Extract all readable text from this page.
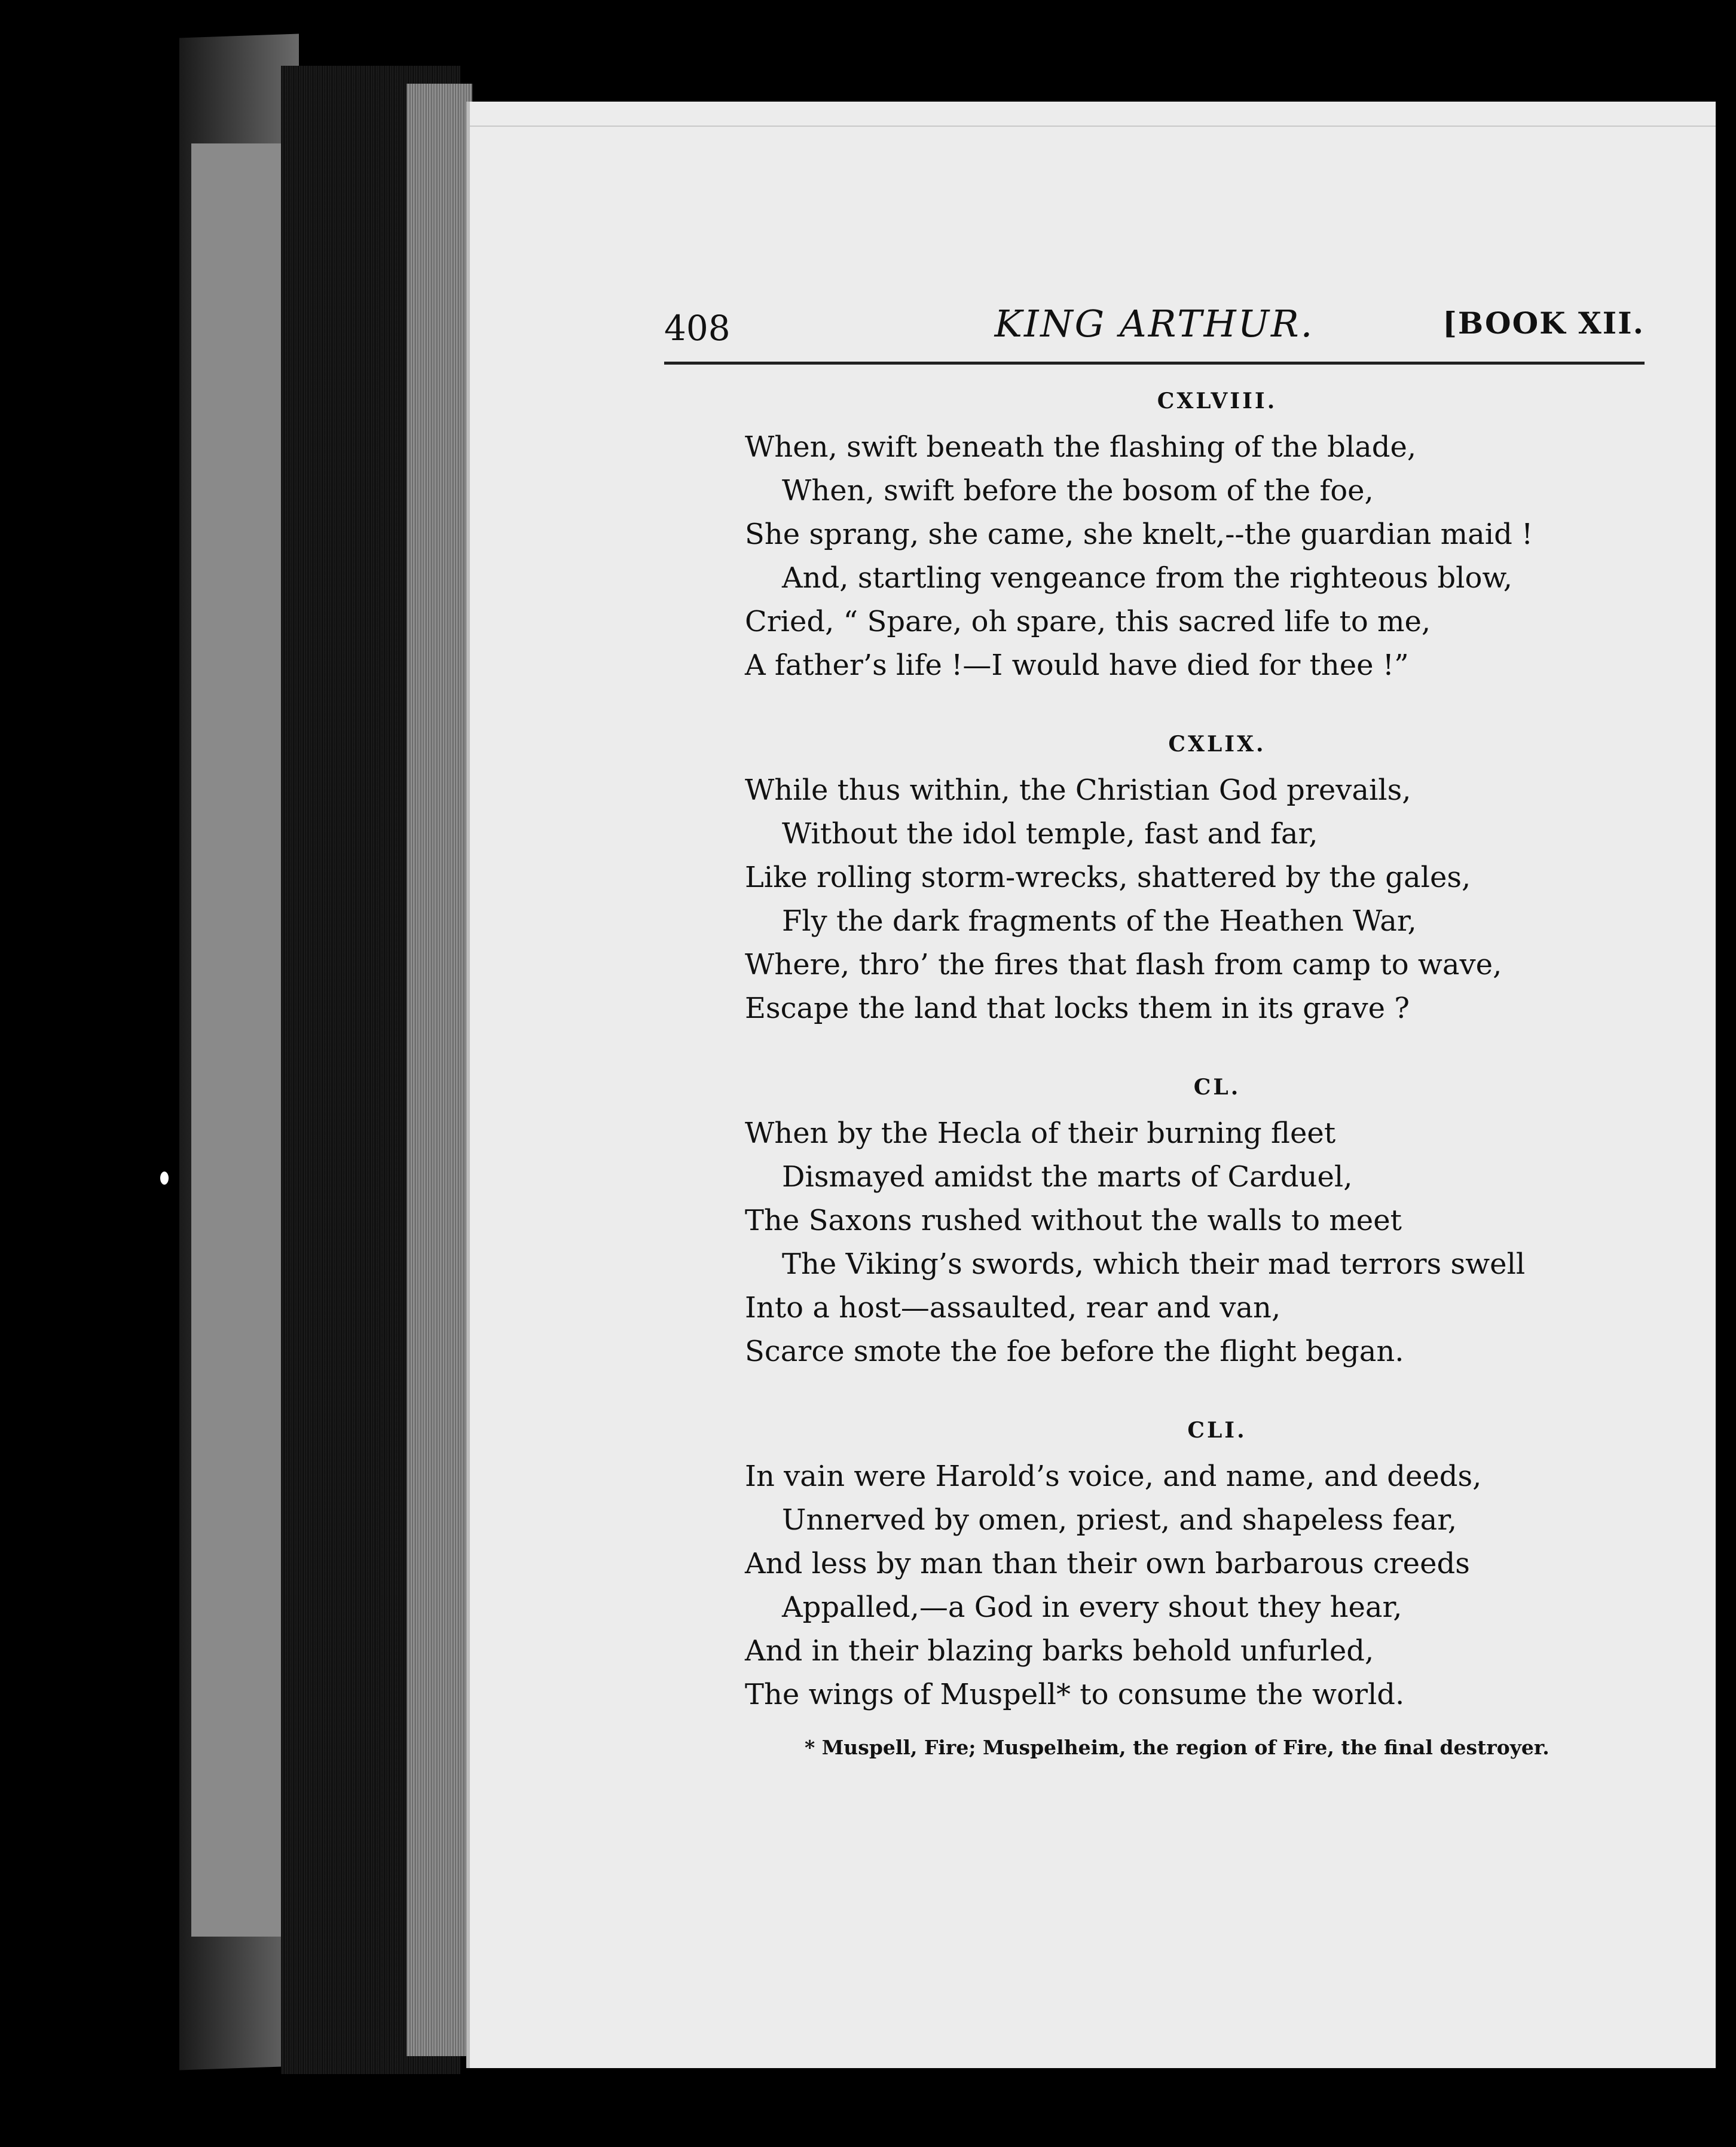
408	KING ARTHUR.	[BOOK XII.
CXLVIII.
When, swift beneath the flashing of the blade,
When, swift before the bosom of the foe,
She sprang, she came, she knelt,--the guardian maid !
And, startling vengeance from the righteous blow,
Cried, “ Spare, oh spare, this sacred life to me,
A father’s life !—I would have died for thee !”
CXLIX.
While thus within, the Christian God prevails,
Without the idol temple, fast and far,
Like rolling storm-wrecks, shattered by the gales,
Fly the dark fragments of the Heathen War,
Where, thro’ the fires that flash from camp to wave,
Escape the land that locks them in its grave ?
CL.
When by the Hecla of their burning fleet
Dismayed amidst the marts of Carduel,
The Saxons rushed without the walls to meet
The Viking’s swords, which their mad terrors swell
Into a host—assaulted, rear and van,
Scarce smote the foe before the flight began.
CLI.
In vain were Harold’s voice, and name, and deeds,
Unnerved by omen, priest, and shapeless fear,
And less by man than their own barbarous creeds
Appalled,—a God in every shout they hear,
And in their blazing barks behold unfurled,
The wings of Muspell* to consume the world.
* Muspell, Fire; Muspelheim, the region of Fire, the final destroyer.
